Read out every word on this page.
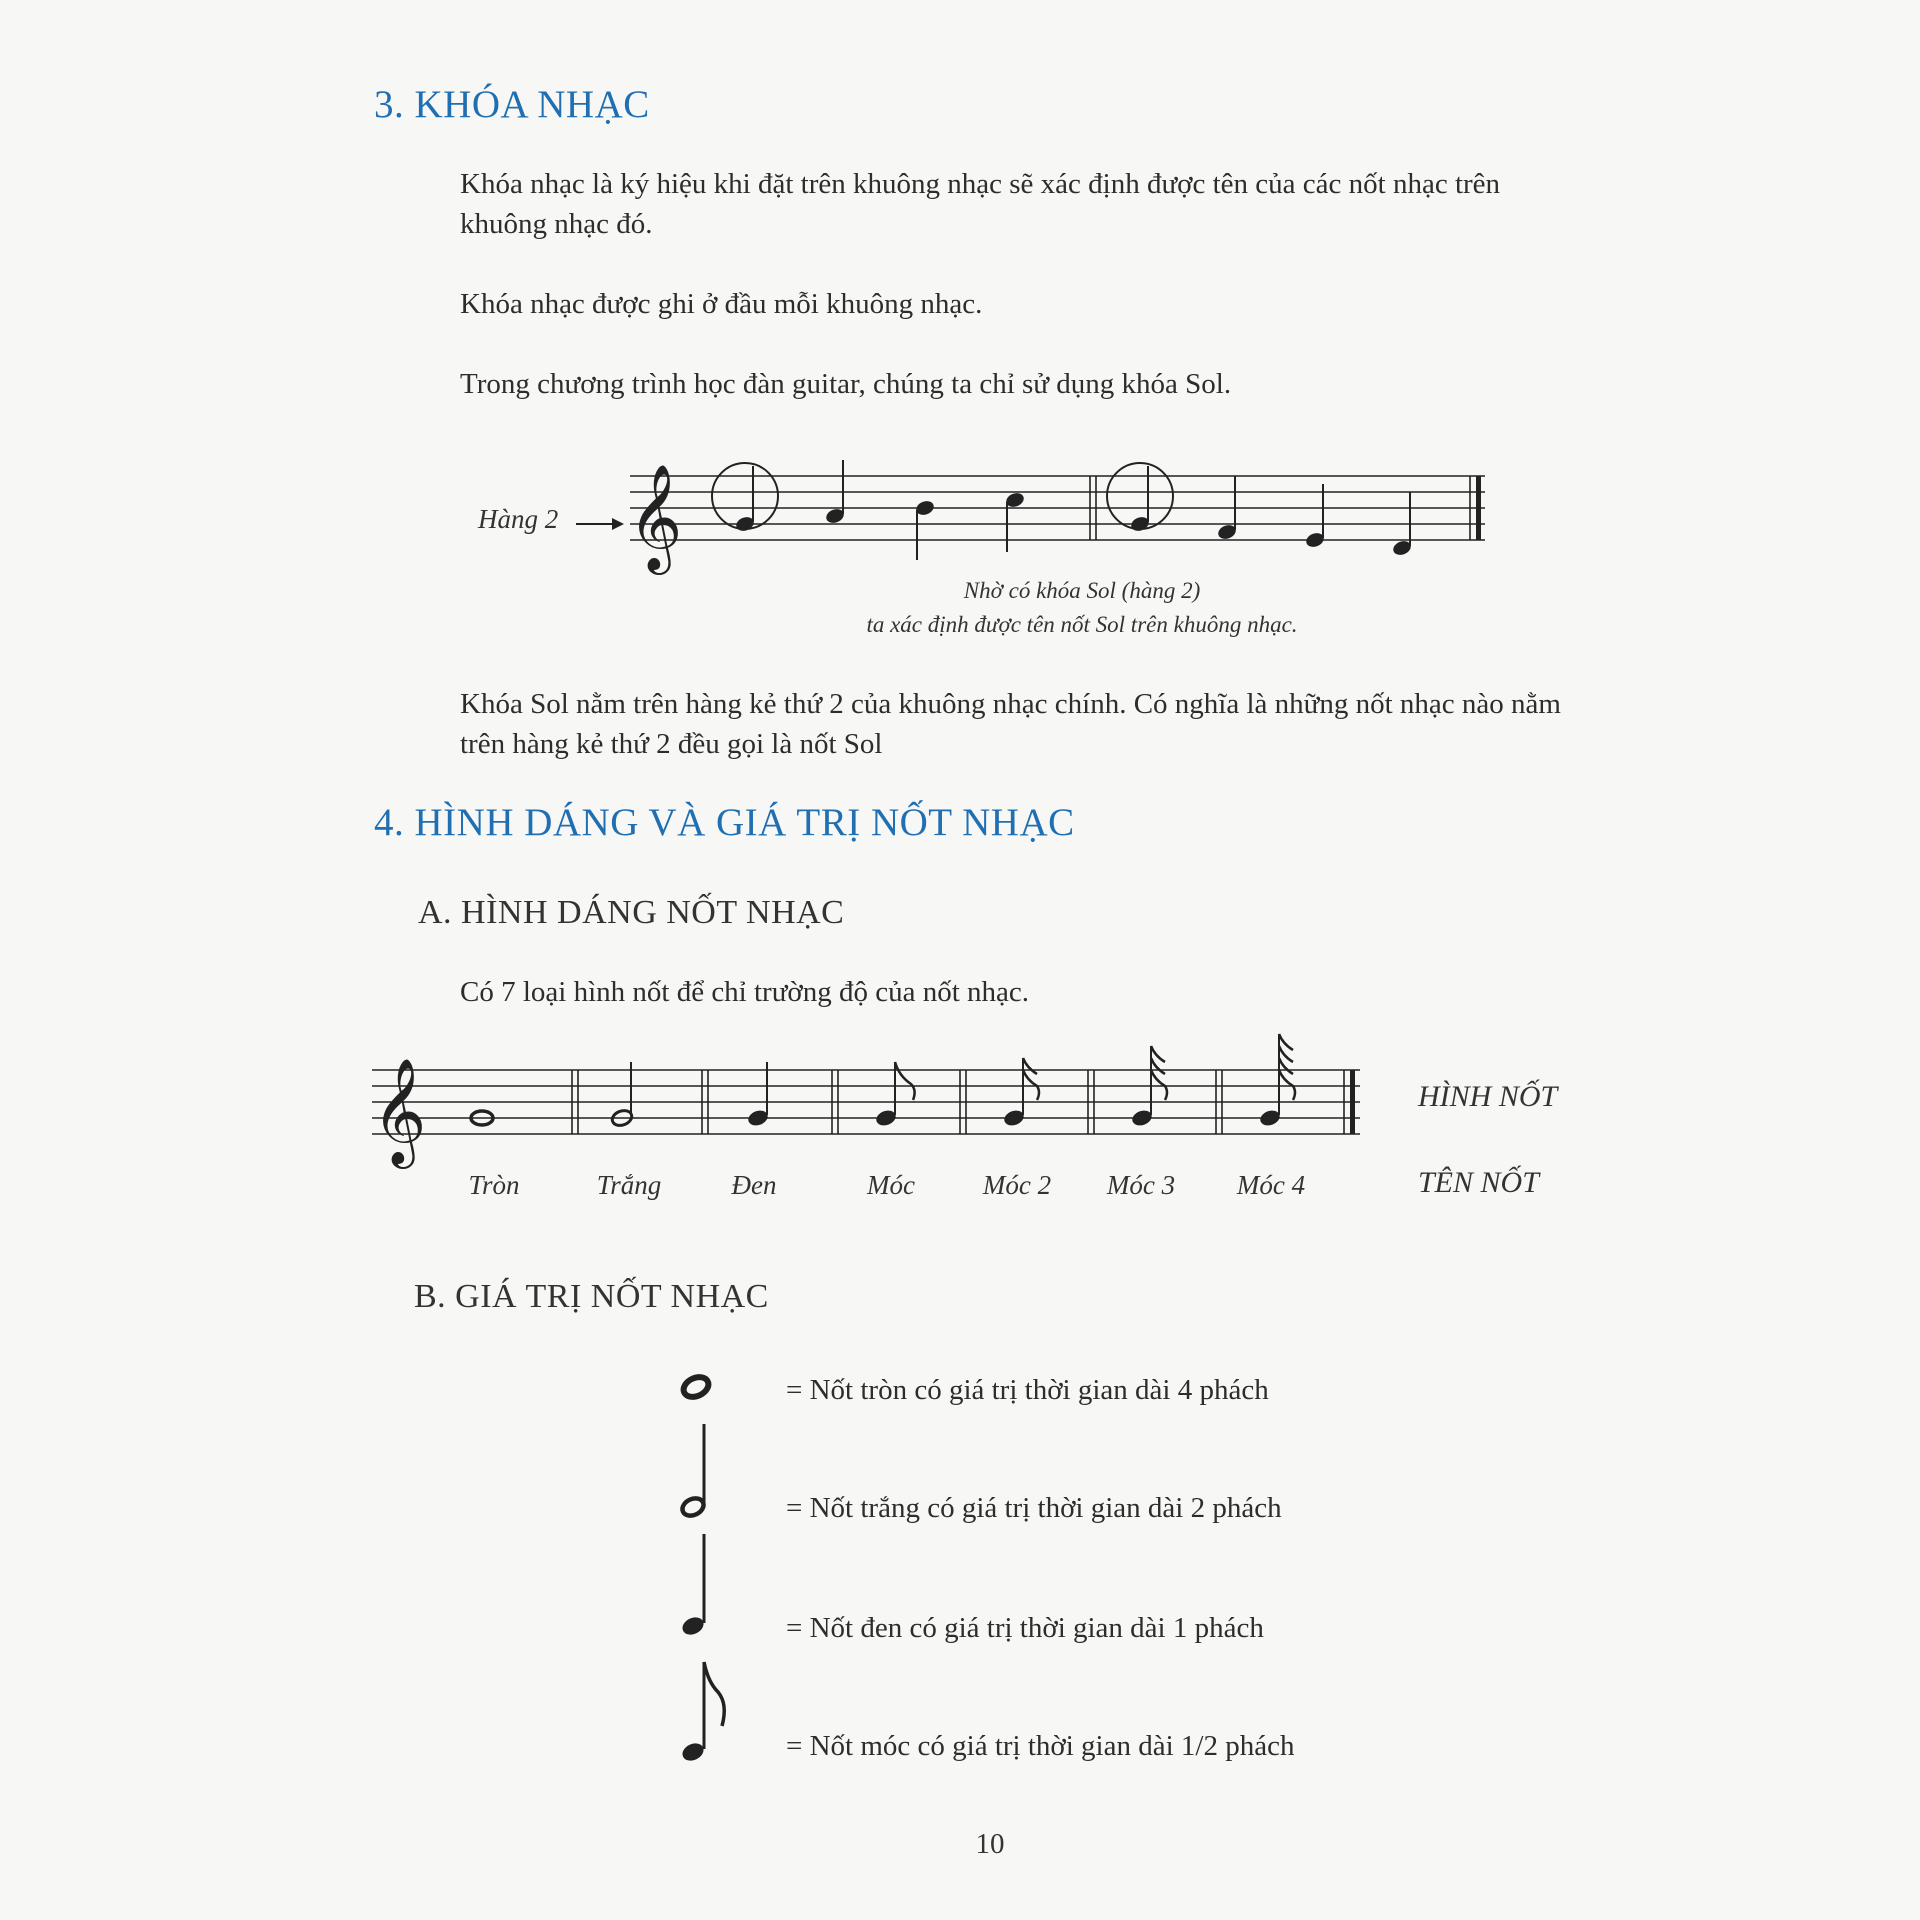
3. KHÓA NHẠC

Khóa nhạc là ký hiệu khi đặt trên khuông nhạc sẽ xác định được tên của các nốt nhạc trên khuông nhạc đó.

Khóa nhạc được ghi ở đầu mỗi khuông nhạc.

Trong chương trình học đàn guitar, chúng ta chỉ sử dụng khóa Sol.

Hàng 2 𝄞

Nhờ có khóa Sol (hàng 2)

ta xác định được tên nốt Sol trên khuông nhạc.

Khóa Sol nằm trên hàng kẻ thứ 2 của khuông nhạc chính. Có nghĩa là những nốt nhạc nào nằm trên hàng kẻ thứ 2 đều gọi là nốt Sol

4. HÌNH DÁNG VÀ GIÁ TRỊ NỐT NHẠC
A. HÌNH DÁNG NỐT NHẠC

Có 7 loại hình nốt để chỉ trường độ của nốt nhạc.

𝄞	HÌNH NỐT
Tròn	Trắng	Đen	Móc	Móc 2	Móc 3	Móc 4	TÊN NỐT
B. GIÁ TRỊ NỐT NHẠC
= Nốt tròn có giá trị thời gian dài 4 phách
= Nốt trắng có giá trị thời gian dài 2 phách
= Nốt đen có giá trị thời gian dài 1 phách
= Nốt móc có giá trị thời gian dài 1/2 phách
10
